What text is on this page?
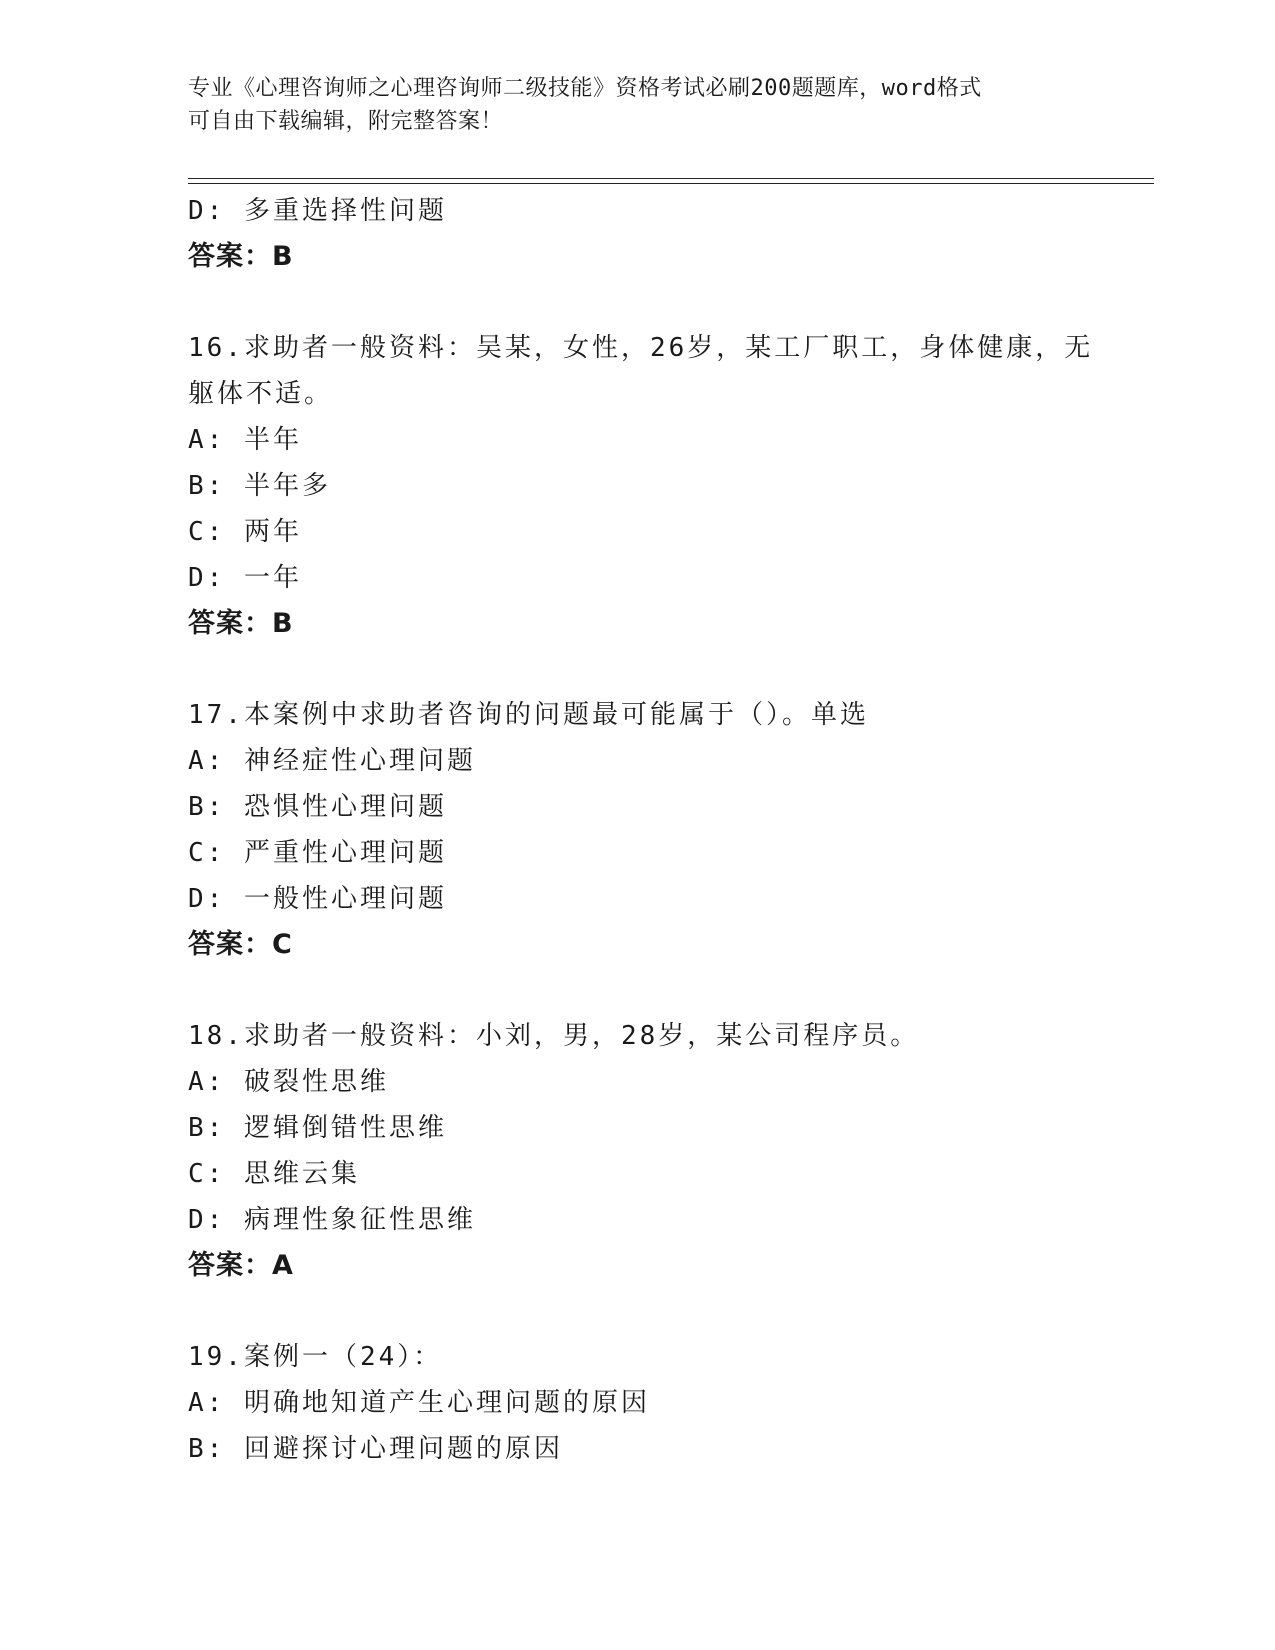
专业《心理咨询师之心理咨询师二级技能》资格考试必刷200题题库，word格式
可自由下载编辑，附完整答案！
D: 多重选择性问题
答案：B
16.求助者一般资料：吴某，女性，26岁，某工厂职工，身体健康，无
躯体不适。
A: 半年
B: 半年多
C: 两年
D: 一年
答案：B
17.本案例中求助者咨询的问题最可能属于（）。单选
A: 神经症性心理问题
B: 恐惧性心理问题
C: 严重性心理问题
D: 一般性心理问题
答案：C
18.求助者一般资料：小刘，男，28岁，某公司程序员。
A: 破裂性思维
B: 逻辑倒错性思维
C: 思维云集
D: 病理性象征性思维
答案：A
19.案例一（24）：
A: 明确地知道产生心理问题的原因
B: 回避探讨心理问题的原因
